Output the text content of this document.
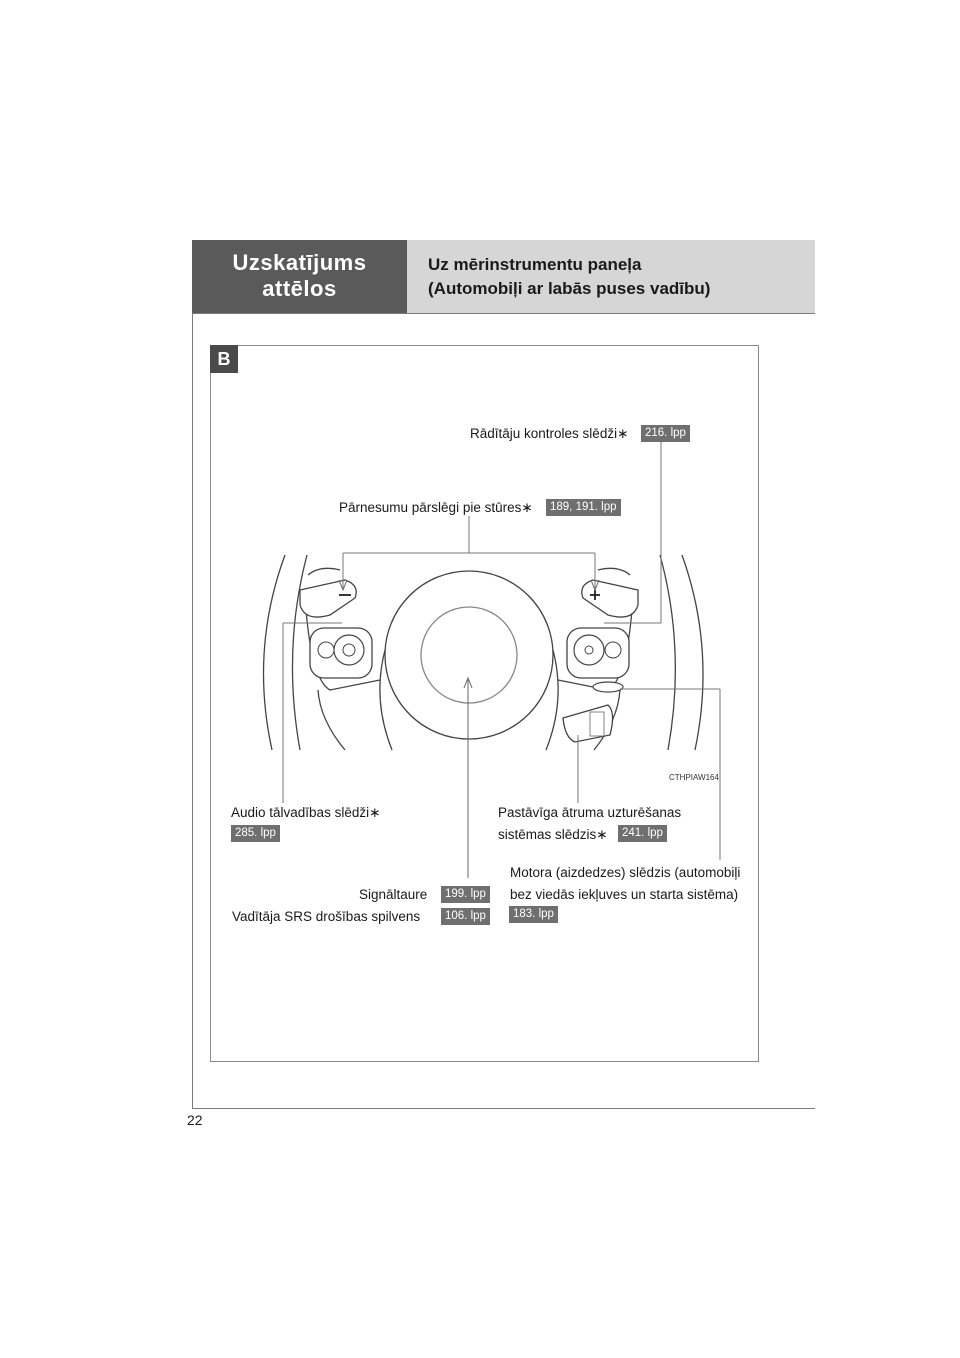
Uzskatījums
attēlos
Uz mērinstrumentu paneļa
(Automobiļi ar labās puses vadību)
22
B
Rādītāju kontroles slēdži∗	216. lpp
Pārnesumu pārslēgi pie stūres∗	189, 191. lpp
CTHPIAW164
Audio tālvadības slēdži∗
285. lpp
Pastāvīga ātruma uzturēšanas
sistēmas slēdzis∗	241. lpp
Motora (aizdedzes) slēdzis (automobiļi
bez viedās iekļuves un starta sistēma)
183. lpp
Signāltaure	199. lpp
Vadītāja SRS drošības spilvens	106. lpp
